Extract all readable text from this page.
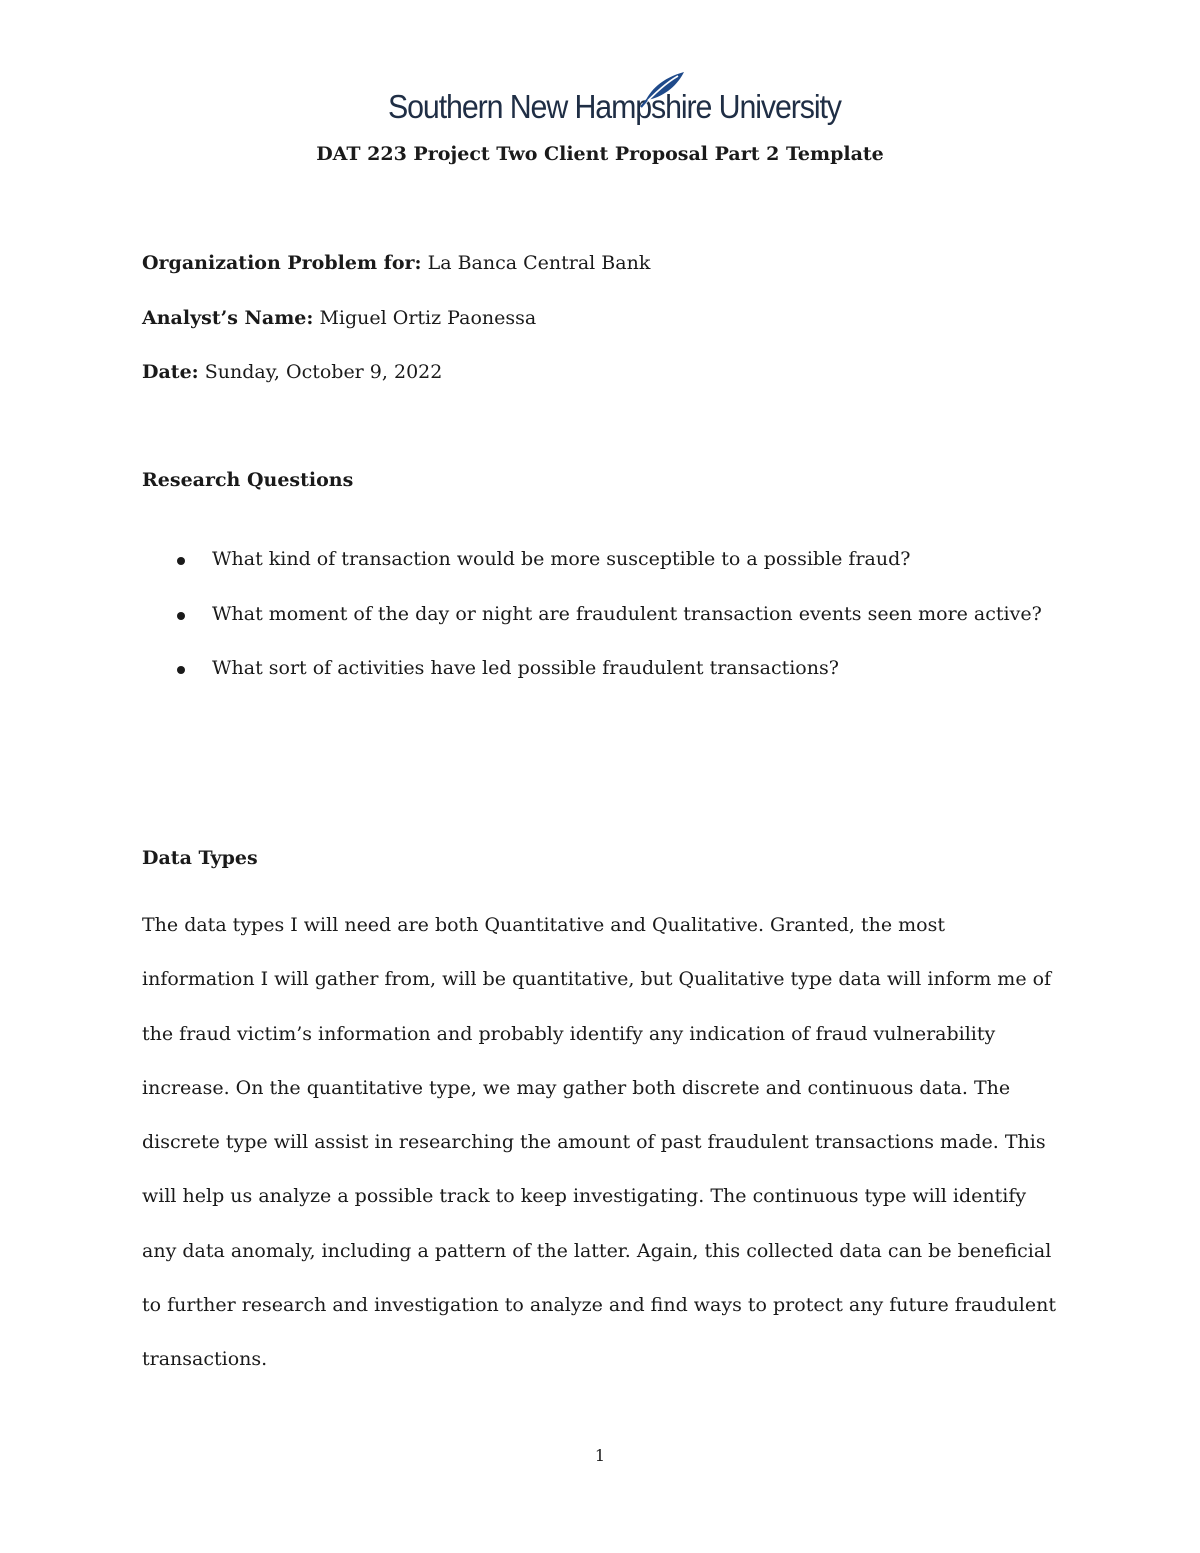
Southern New Hampshire University
DAT 223 Project Two Client Proposal Part 2 Template
Organization Problem for: La Banca Central Bank
Analyst’s Name: Miguel Ortiz Paonessa
Date: Sunday, October 9, 2022
Research Questions
What kind of transaction would be more susceptible to a possible fraud?
What moment of the day or night are fraudulent transaction events seen more active?
What sort of activities have led possible fraudulent transactions?
Data Types

The data types I will need are both Quantitative and Qualitative. Granted, the most information I will gather from, will be quantitative, but Qualitative type data will inform me of the fraud victim’s information and probably identify any indication of fraud vulnerability increase. On the quantitative type, we may gather both discrete and continuous data. The discrete type will assist in researching the amount of past fraudulent transactions made. This will help us analyze a possible track to keep investigating. The continuous type will identify any data anomaly, including a pattern of the latter. Again, this collected data can be beneficial to further research and investigation to analyze and find ways to protect any future fraudulent transactions.

1
